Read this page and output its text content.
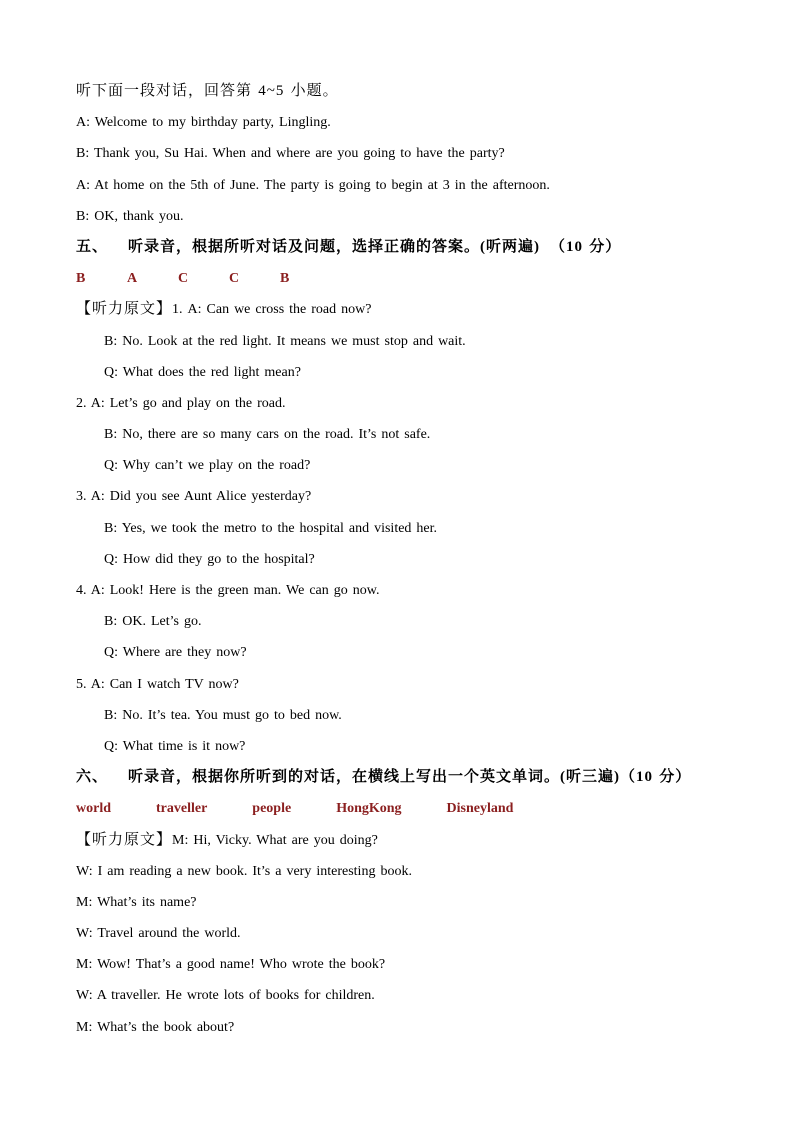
听下面一段对话，回答第 4~5 小题。
A: Welcome to my birthday party, Lingling.
B: Thank you, Su Hai. When and where are you going to have the party?
A: At home on the 5th of June. The party is going to begin at 3 in the afternoon.
B: OK, thank you.
五、 听录音，根据所听对话及问题，选择正确的答案。(听两遍) （10 分）
B	A	C	C	B
【听力原文】1. A: Can we cross the road now?
B: No. Look at the red light. It means we must stop and wait.
Q: What does the red light mean?
2. A: Let’s go and play on the road.
B: No, there are so many cars on the road. It’s not safe.
Q: Why can’t we play on the road?
3. A: Did you see Aunt Alice yesterday?
B: Yes, we took the metro to the hospital and visited her.
Q: How did they go to the hospital?
4. A: Look! Here is the green man. We can go now.
B: OK. Let’s go.
Q: Where are they now?
5. A: Can I watch TV now?
B: No. It’s tea. You must go to bed now.
Q: What time is it now?
六、 听录音，根据你所听到的对话，在横线上写出一个英文单词。(听三遍)（10 分）
world	traveller	people	HongKong	Disneyland
【听力原文】M: Hi, Vicky. What are you doing?
W: I am reading a new book. It’s a very interesting book.
M: What’s its name?
W: Travel around the world.
M: Wow! That’s a good name! Who wrote the book?
W: A traveller. He wrote lots of books for children.
M: What’s the book about?
